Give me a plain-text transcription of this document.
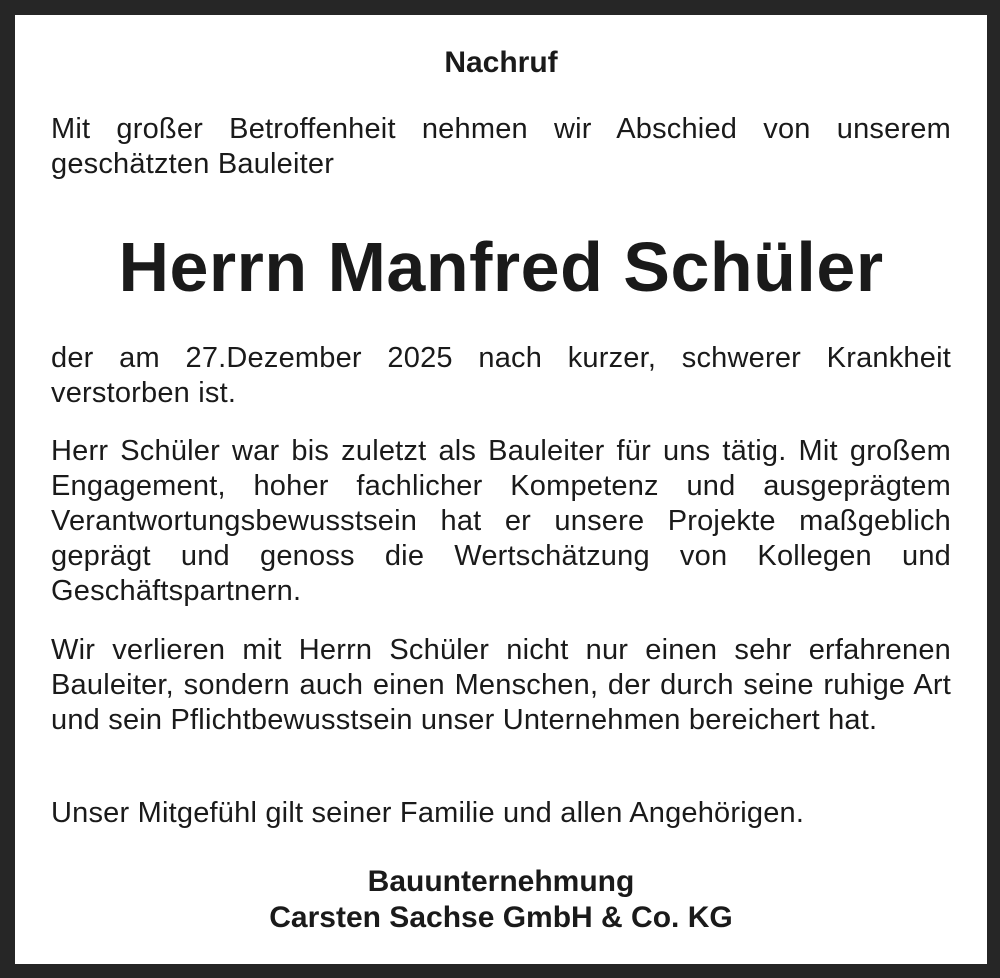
Nachruf
Mit großer Betroffenheit nehmen wir Abschied von unserem geschätzten Bauleiter
Herrn Manfred Schüler
der am 27.Dezember 2025 nach kurzer, schwerer Krankheit verstorben ist.
Herr Schüler war bis zuletzt als Bauleiter für uns tätig. Mit großem Engagement, hoher fachlicher Kompetenz und ausgeprägtem Verantwortungsbewusstsein hat er unsere Projekte maßgeblich geprägt und genoss die Wertschätzung von Kollegen und Geschäftspartnern.
Wir verlieren mit Herrn Schüler nicht nur einen sehr erfahrenen Bauleiter, sondern auch einen Menschen, der durch seine ruhige Art und sein Pflichtbewusstsein unser Unternehmen bereichert hat.
Unser Mitgefühl gilt seiner Familie und allen Angehörigen.
Bauunternehmung
Carsten Sachse GmbH & Co. KG
